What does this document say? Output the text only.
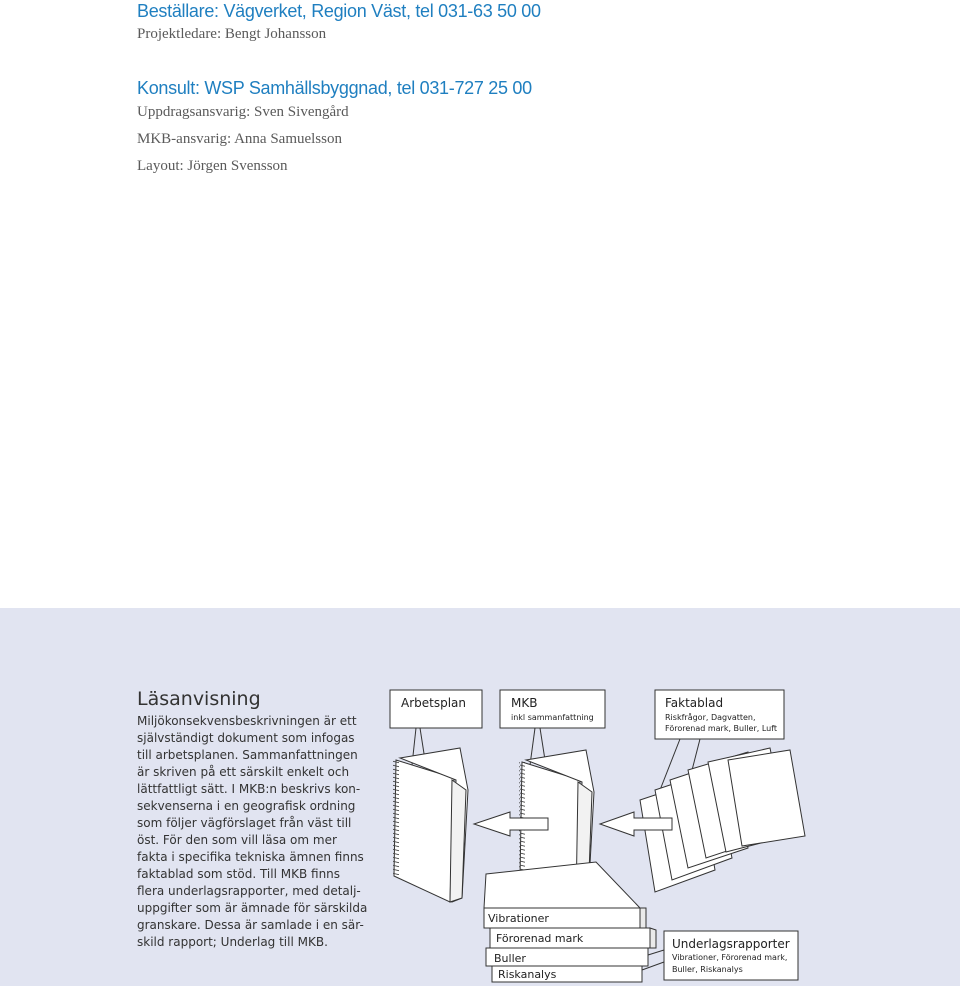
Beställare: Vägverket, Region Väst, tel 031-63 50 00
Projektledare: Bengt Johansson
Konsult: WSP Samhällsbyggnad, tel 031-727 25 00
Uppdragsansvarig: Sven Sivengård
MKB-ansvarig: Anna Samuelsson
Layout: Jörgen Svensson
Läsanvisning
Miljökonsekvensbeskrivningen är ett
självständigt dokument som infogas
till arbetsplanen. Sammanfattningen
är skriven på ett särskilt enkelt och
lättfattligt sätt. I MKB:n beskrivs kon-
sekvenserna i en geografisk ordning
som följer vägförslaget från väst till
öst. För den som vill läsa om mer
fakta i specifika tekniska ämnen finns
faktablad som stöd. Till MKB finns
flera underlagsrapporter, med detalj-
uppgifter som är ämnade för särskilda
granskare. Dessa är samlade i en sär-
skild rapport; Underlag till MKB.
Arbetsplan	MKB
inkl sammanfattning
Faktablad
Riskfrågor, Dagvatten,
Förorenad mark, Buller, Luft
Vibrationer
Förorenad mark
Buller
Riskanalys
Underlagsrapporter
Vibrationer, Förorenad mark,
Buller, Riskanalys
